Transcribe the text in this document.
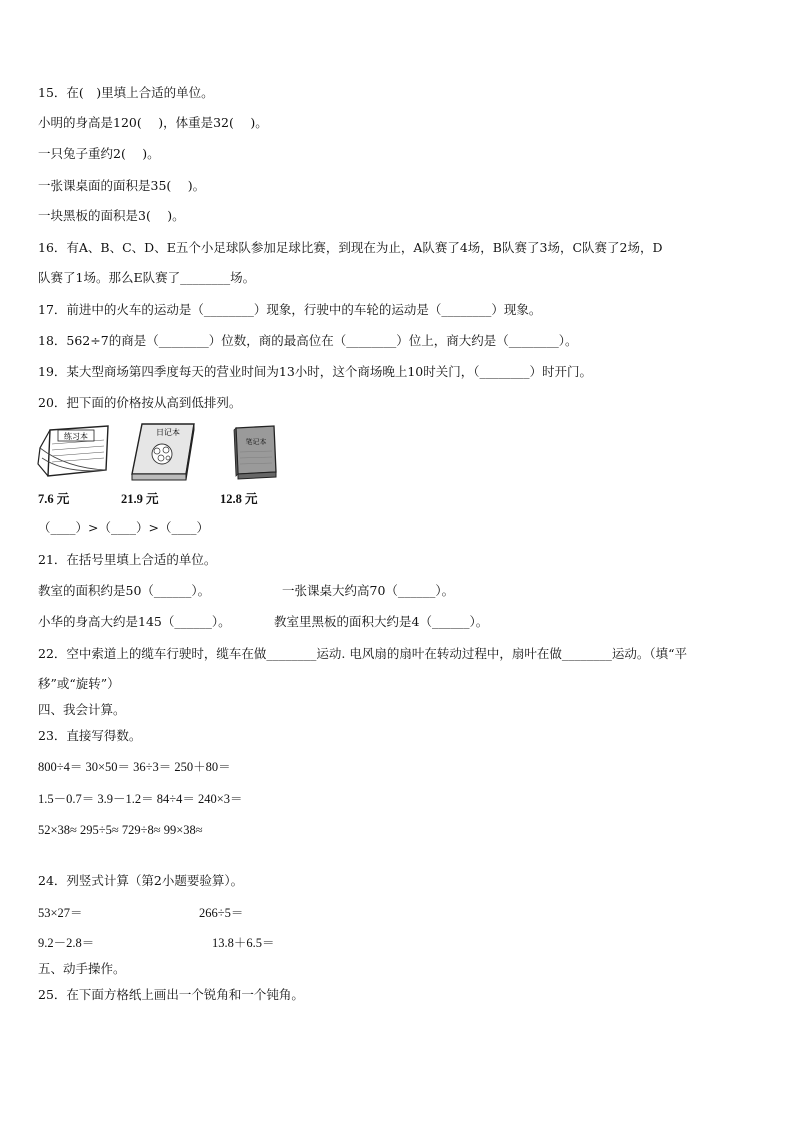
15．在(　)里填上合适的单位。
小明的身高是120(　 )，体重是32(　 )。
一只兔子重约2(　 )。
一张课桌面的面积是35(　 )。
一块黑板的面积是3(　 )。
16．有A、B、C、D、E五个小足球队参加足球比赛，到现在为止，A队赛了4场，B队赛了3场，C队赛了2场，D
队赛了1场。那么E队赛了________场。
17．前进中的火车的运动是（________）现象，行驶中的车轮的运动是（________）现象。
18．562÷7的商是（________）位数，商的最高位在（________）位上，商大约是（________）。
19．某大型商场第四季度每天的营业时间为13小时，这个商场晚上10时关门，（________）时开门。
20．把下面的价格按从高到低排列。
练习本	日记本
笔记本
7.6 元	21.9 元	12.8 元
（____）>（____）>（____）
21．在括号里填上合适的单位。
教室的面积约是50（______）。	一张课桌大约高70（______）。
小华的身高大约是145（______）。	教室里黑板的面积大约是4（______）。
22．空中索道上的缆车行驶时，缆车在做________运动. 电风扇的扇叶在转动过程中，扇叶在做________运动。（填“平
移”或“旋转”）
四、我会计算。
23．直接写得数。
800÷4＝ 30×50＝ 36÷3＝ 250＋80＝
1.5－0.7＝ 3.9－1.2＝ 84÷4＝ 240×3＝
52×38≈ 295÷5≈ 729÷8≈ 99×38≈
24．列竖式计算（第2小题要验算）。
53×27＝	266÷5＝
9.2－2.8＝	13.8＋6.5＝
五、动手操作。
25．在下面方格纸上画出一个锐角和一个钝角。
